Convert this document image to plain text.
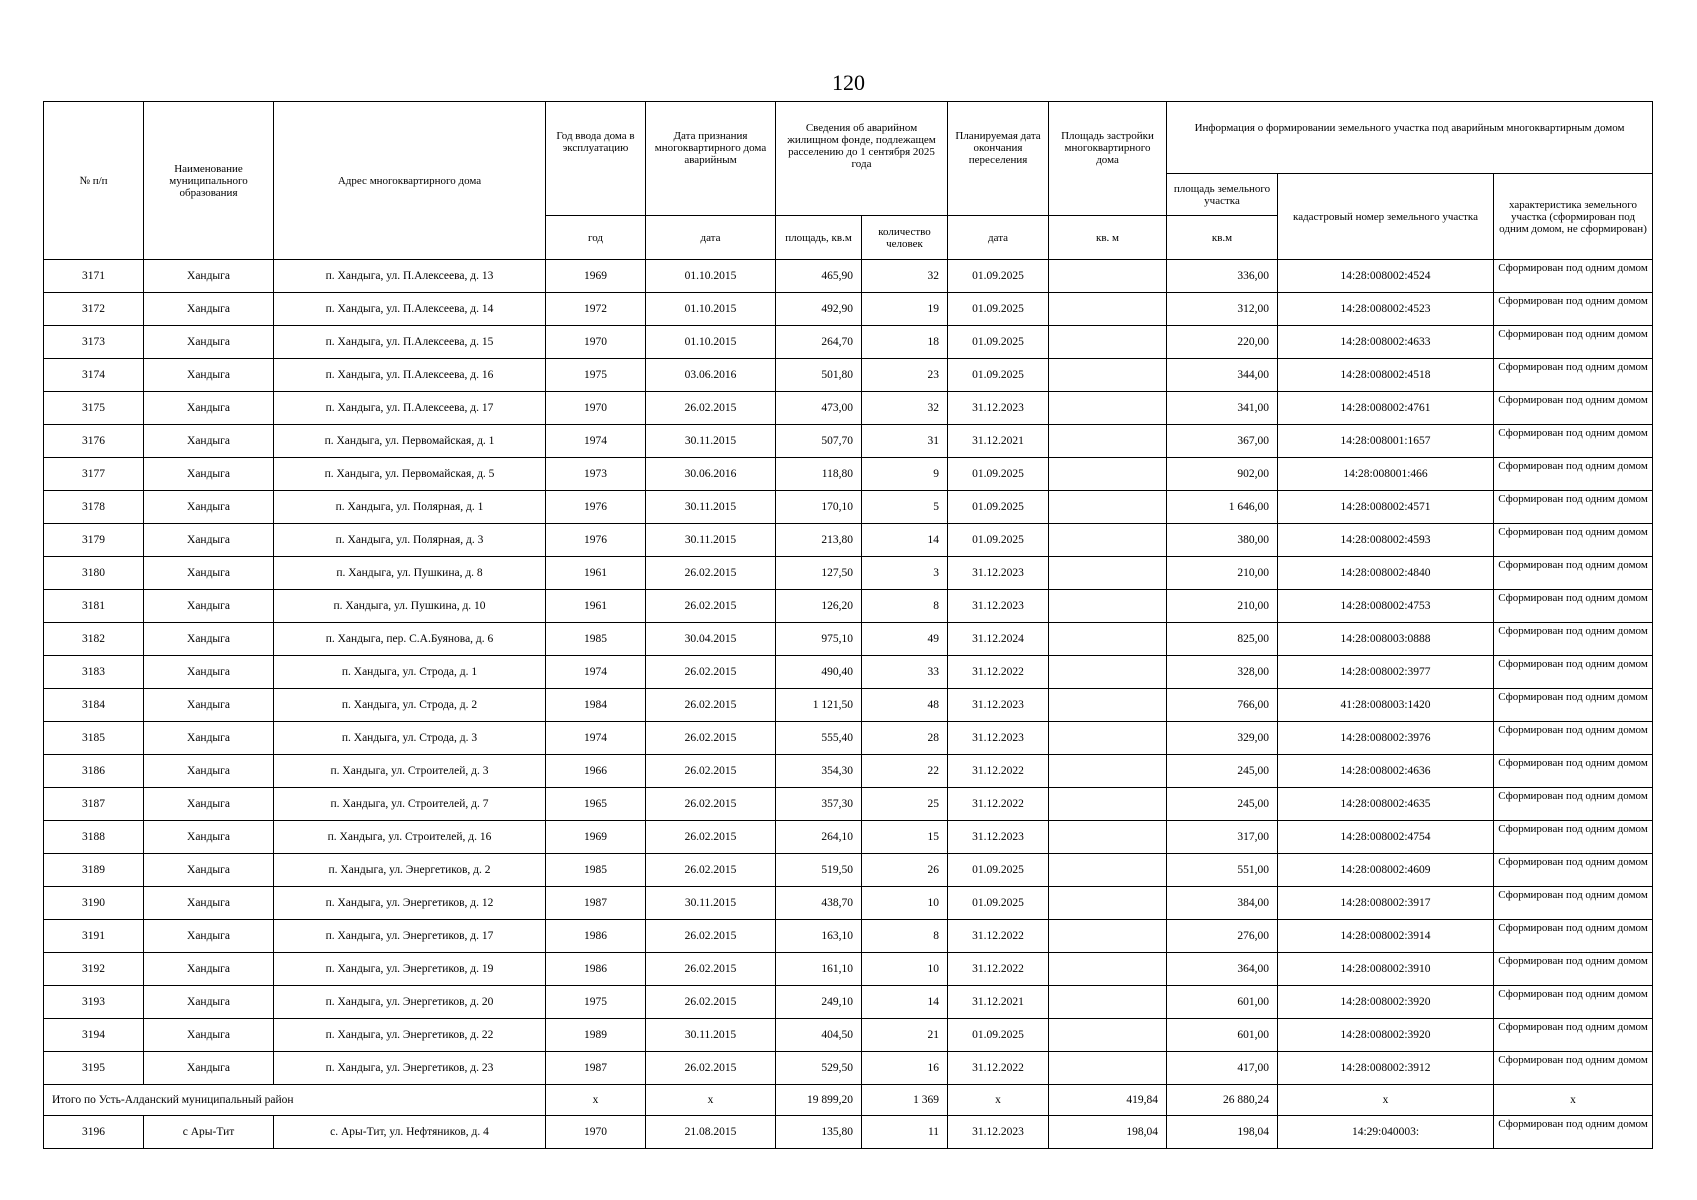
120
№ п/п	Наименование муниципального образования	Адрес многоквартирного дома	Год ввода дома в эксплуатацию	Дата признания многоквартирного дома аварийным	Сведения об аварийном жилищном фонде, подлежащем расселению до 1 сентября 2025 года		Планируемая дата окончания переселения	Площадь застройки многоквартирного дома	Информация о формировании земельного участка под аварийным многоквартирным домом		
									площадь земельного участка	кадастровый номер земельного участка	характеристика земельного участка (сформирован под одним домом, не сформирован)
			год	дата	площадь, кв.м	количество человек	дата	кв. м	кв.м		
3171	Хандыга	п. Хандыга, ул. П.Алексеева, д. 13	1969	01.10.2015	465,90	32	01.09.2025		336,00	14:28:008002:4524	Сформирован под одним домом
3172	Хандыга	п. Хандыга, ул. П.Алексеева, д. 14	1972	01.10.2015	492,90	19	01.09.2025		312,00	14:28:008002:4523	Сформирован под одним домом
3173	Хандыга	п. Хандыга, ул. П.Алексеева, д. 15	1970	01.10.2015	264,70	18	01.09.2025		220,00	14:28:008002:4633	Сформирован под одним домом
3174	Хандыга	п. Хандыга, ул. П.Алексеева, д. 16	1975	03.06.2016	501,80	23	01.09.2025		344,00	14:28:008002:4518	Сформирован под одним домом
3175	Хандыга	п. Хандыга, ул. П.Алексеева, д. 17	1970	26.02.2015	473,00	32	31.12.2023		341,00	14:28:008002:4761	Сформирован под одним домом
3176	Хандыга	п. Хандыга, ул. Первомайская, д. 1	1974	30.11.2015	507,70	31	31.12.2021		367,00	14:28:008001:1657	Сформирован под одним домом
3177	Хандыга	п. Хандыга, ул. Первомайская, д. 5	1973	30.06.2016	118,80	9	01.09.2025		902,00	14:28:008001:466	Сформирован под одним домом
3178	Хандыга	п. Хандыга, ул. Полярная, д. 1	1976	30.11.2015	170,10	5	01.09.2025		1 646,00	14:28:008002:4571	Сформирован под одним домом
3179	Хандыга	п. Хандыга, ул. Полярная, д. 3	1976	30.11.2015	213,80	14	01.09.2025		380,00	14:28:008002:4593	Сформирован под одним домом
3180	Хандыга	п. Хандыга, ул. Пушкина, д. 8	1961	26.02.2015	127,50	3	31.12.2023		210,00	14:28:008002:4840	Сформирован под одним домом
3181	Хандыга	п. Хандыга, ул. Пушкина, д. 10	1961	26.02.2015	126,20	8	31.12.2023		210,00	14:28:008002:4753	Сформирован под одним домом
3182	Хандыга	п. Хандыга, пер. С.А.Буянова, д. 6	1985	30.04.2015	975,10	49	31.12.2024		825,00	14:28:008003:0888	Сформирован под одним домом
3183	Хандыга	п. Хандыга, ул. Строда, д. 1	1974	26.02.2015	490,40	33	31.12.2022		328,00	14:28:008002:3977	Сформирован под одним домом
3184	Хандыга	п. Хандыга, ул. Строда, д. 2	1984	26.02.2015	1 121,50	48	31.12.2023		766,00	41:28:008003:1420	Сформирован под одним домом
3185	Хандыга	п. Хандыга, ул. Строда, д. 3	1974	26.02.2015	555,40	28	31.12.2023		329,00	14:28:008002:3976	Сформирован под одним домом
3186	Хандыга	п. Хандыга, ул. Строителей, д. 3	1966	26.02.2015	354,30	22	31.12.2022		245,00	14:28:008002:4636	Сформирован под одним домом
3187	Хандыга	п. Хандыга, ул. Строителей, д. 7	1965	26.02.2015	357,30	25	31.12.2022		245,00	14:28:008002:4635	Сформирован под одним домом
3188	Хандыга	п. Хандыга, ул. Строителей, д. 16	1969	26.02.2015	264,10	15	31.12.2023		317,00	14:28:008002:4754	Сформирован под одним домом
3189	Хандыга	п. Хандыга, ул. Энергетиков, д. 2	1985	26.02.2015	519,50	26	01.09.2025		551,00	14:28:008002:4609	Сформирован под одним домом
3190	Хандыга	п. Хандыга, ул. Энергетиков, д. 12	1987	30.11.2015	438,70	10	01.09.2025		384,00	14:28:008002:3917	Сформирован под одним домом
3191	Хандыга	п. Хандыга, ул. Энергетиков, д. 17	1986	26.02.2015	163,10	8	31.12.2022		276,00	14:28:008002:3914	Сформирован под одним домом
3192	Хандыга	п. Хандыга, ул. Энергетиков, д. 19	1986	26.02.2015	161,10	10	31.12.2022		364,00	14:28:008002:3910	Сформирован под одним домом
3193	Хандыга	п. Хандыга, ул. Энергетиков, д. 20	1975	26.02.2015	249,10	14	31.12.2021		601,00	14:28:008002:3920	Сформирован под одним домом
3194	Хандыга	п. Хандыга, ул. Энергетиков, д. 22	1989	30.11.2015	404,50	21	01.09.2025		601,00	14:28:008002:3920	Сформирован под одним домом
3195	Хандыга	п. Хандыга, ул. Энергетиков, д. 23	1987	26.02.2015	529,50	16	31.12.2022		417,00	14:28:008002:3912	Сформирован под одним домом
Итого по Усть-Алданский муниципальный район			x	x	19 899,20	1 369	x	419,84	26 880,24	x	x
3196	с Ары-Тит	с. Ары-Тит, ул. Нефтяников, д. 4	1970	21.08.2015	135,80	11	31.12.2023	198,04	198,04	14:29:040003:	Сформирован под одним домом
